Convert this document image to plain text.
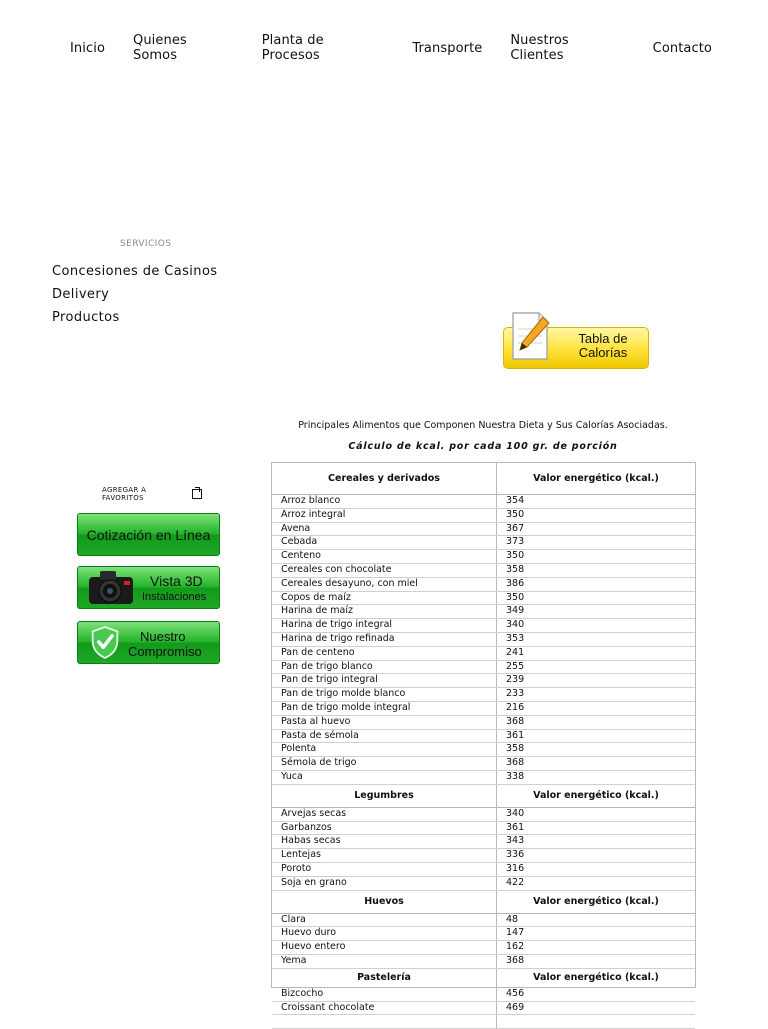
Inicio	Quienes Somos
Planta de Procesos	Transporte	Nuestros Clientes	Contacto
SERVICIOS
Concesiones de Casinos
Delivery
Productos
Tabla de
Calorías
Principales Alimentos que Componen Nuestra Dieta y Sus Calorías Asociadas.
Cálculo de kcal. por cada 100 gr. de porción
AGREGAR A FAVORITOS
Cotización en Línea
Vista 3D
Instalaciones
Nuestro
Compromiso
Cereales y derivados	Valor energético (kcal.)
Arroz blanco	354
Arroz integral	350
Avena	367
Cebada	373
Centeno	350
Cereales con chocolate	358
Cereales desayuno, con miel	386
Copos de maíz	350
Harina de maíz	349
Harina de trigo integral	340
Harina de trigo refinada	353
Pan de centeno	241
Pan de trigo blanco	255
Pan de trigo integral	239
Pan de trigo molde blanco	233
Pan de trigo molde integral	216
Pasta al huevo	368
Pasta de sémola	361
Polenta	358
Sémola de trigo	368
Yuca	338
Legumbres	Valor energético (kcal.)
Arvejas secas	340
Garbanzos	361
Habas secas	343
Lentejas	336
Poroto	316
Soja en grano	422
Huevos	Valor energético (kcal.)
Clara	48
Huevo duro	147
Huevo entero	162
Yema	368
Pastelería	Valor energético (kcal.)
Bizcocho	456
Croissant chocolate	469
